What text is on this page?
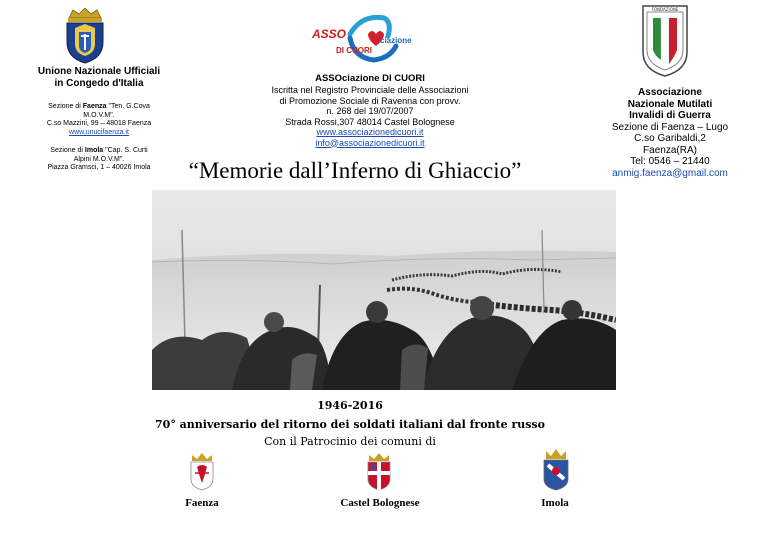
Unione Nazionale Ufficiali
in Congedo d'Italia
Sezione di Faenza "Ten. G.Cova
M.O.V.M".
C.so Mazzini, 99 – 48018 Faenza
www.unucifaenza.it
Sezione di Imola "Cap. S. Curti
Alpini M.O.V.M".
Piazza Gramsci, 1 – 40026 Imola
ASSO	ciazione
DI CUORI
ASSOciazione DI CUORI
Iscritta nel Registro Provinciale delle Associazioni
di Promozione Sociale di Ravenna con provv.
n. 268 del 19/07/2007
Strada Rossi,307 48014 Castel Bolognese
www.associazionedicuori.it
info@associazionedicuori.it
FONDAZIONE
Associazione
Nazionale Mutilati
Invalidi di Guerra
Sezione di Faenza – Lugo
C.so Garibaldi,2
Faenza(RA)
Tel: 0546 – 21440
anmig.faenza@gmail.com
“Memorie dall’Inferno di Ghiaccio”
1946-2016
70° anniversario del ritorno dei soldati italiani dal fronte russo
Con il Patrocinio dei comuni di
Faenza	Castel Bolognese	Imola
